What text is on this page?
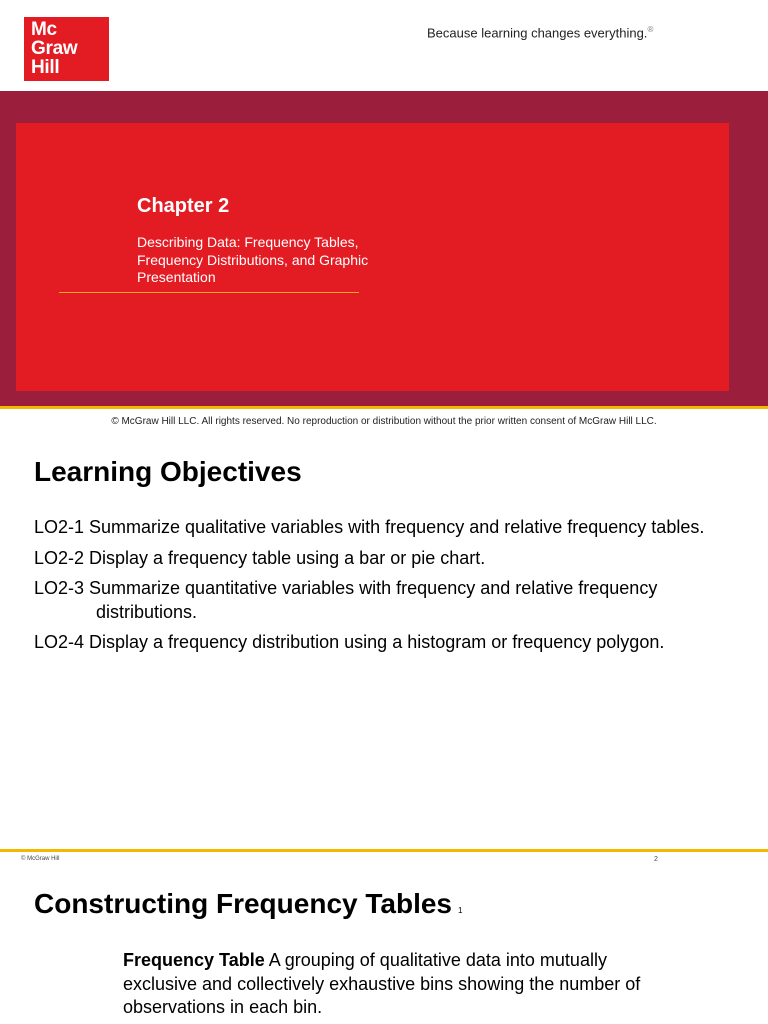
Mc
Graw
Hill
Because learning changes everything.®
Chapter 2
Describing Data: Frequency Tables,
Frequency Distributions, and Graphic
Presentation
© McGraw Hill LLC. All rights reserved. No reproduction or distribution without the prior written consent of McGraw Hill LLC.
Learning Objectives
LO2-1 Summarize qualitative variables with frequency and relative frequency tables.
LO2-2 Display a frequency table using a bar or pie chart.
LO2-3 Summarize quantitative variables with frequency and relative frequency distributions.
LO2-4 Display a frequency distribution using a histogram or frequency polygon.
© McGraw Hill	2
Constructing Frequency Tables 1
Frequency Table A grouping of qualitative data into mutually exclusive and collectively exhaustive bins showing the number of observations in each bin.
